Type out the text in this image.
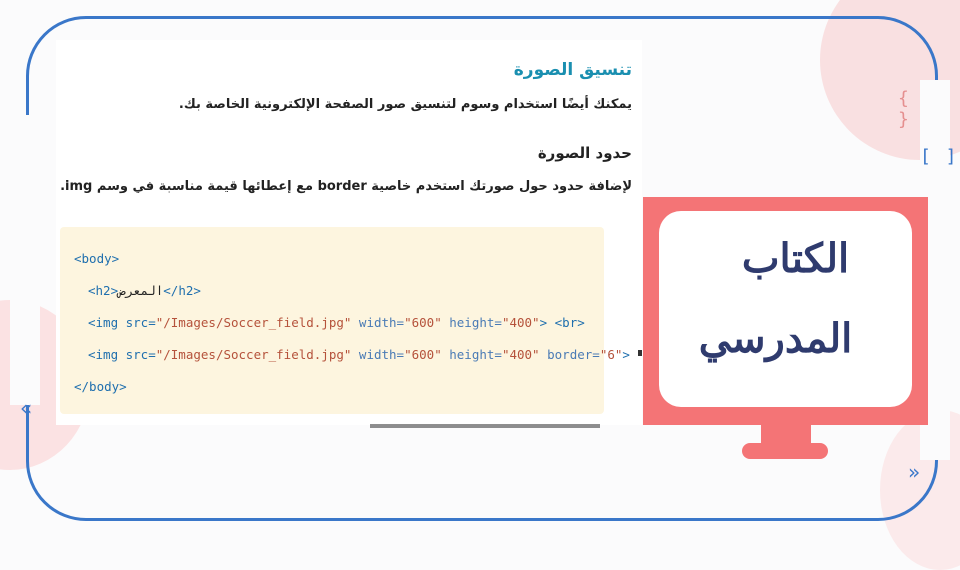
{ }
[ ]
«
»
تنسيق الصورة
يمكنك أيضًا استخدام وسوم لتنسيق صور الصفحة الإلكترونية الخاصة بك.
حدود الصورة
لإضافة حدود حول صورتك استخدم خاصية border مع إعطائها قيمة مناسبة في وسم img.
<body>
<h2>المعرض</h2>
<img src="/Images/Soccer_field.jpg" width="600" height="400"> <br>
<img src="/Images/Soccer_field.jpg" width="600" height="400" border="6">
</body>
الكتاب
المدرسي
